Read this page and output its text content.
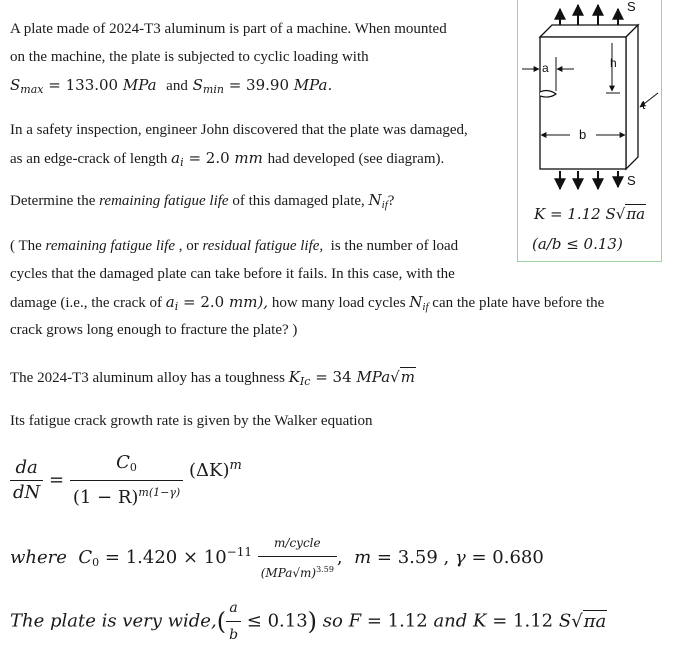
A plate made of 2024-T3 aluminum is part of a machine. When mounted
on the machine, the plate is subjected to cyclic loading with
$S_{max} = 133.00$ MPa and $S_{min} = 39.90$ MPa.
In a safety inspection, engineer John discovered that the plate was damaged,
as an edge-crack of length $a_i = 2.0$ mm had developed (see diagram).
Determine the remaining fatigue life of this damaged plate, $N_{if}$?
( The remaining fatigue life , or residual fatigue life,  is the number of load
cycles that the damaged plate can take before it fails. In this case, with the
damage (i.e., the crack of $a_i = 2.0$ mm), how many load cycles $N_{if}$ can the plate have before the
crack grows long enough to fracture the plate? )
The 2024-T3 aluminum alloy has a toughness $K_{Ic} = 34$ MPa√m
Its fatigue crack growth rate is given by the Walker equation
$\frac{da}{dN} = \frac{C_0}{(1 - R)^{m(1-\gamma)}} (\Delta K)^m$
where $C_0 = 1.420 \times 10^{-11} \frac{\text{m/cycle}}{(MPa√m)^{3.59}}$ , m = 3.59 , γ = 0.680
The plate is very wide,( $\frac{a}{b} \le 0.13$) so F = 1.12 and K = 1.12 S√πa
S
S
a	h
t
b
K = 1.12 S√πa
(a/b ≤ 0.13)
